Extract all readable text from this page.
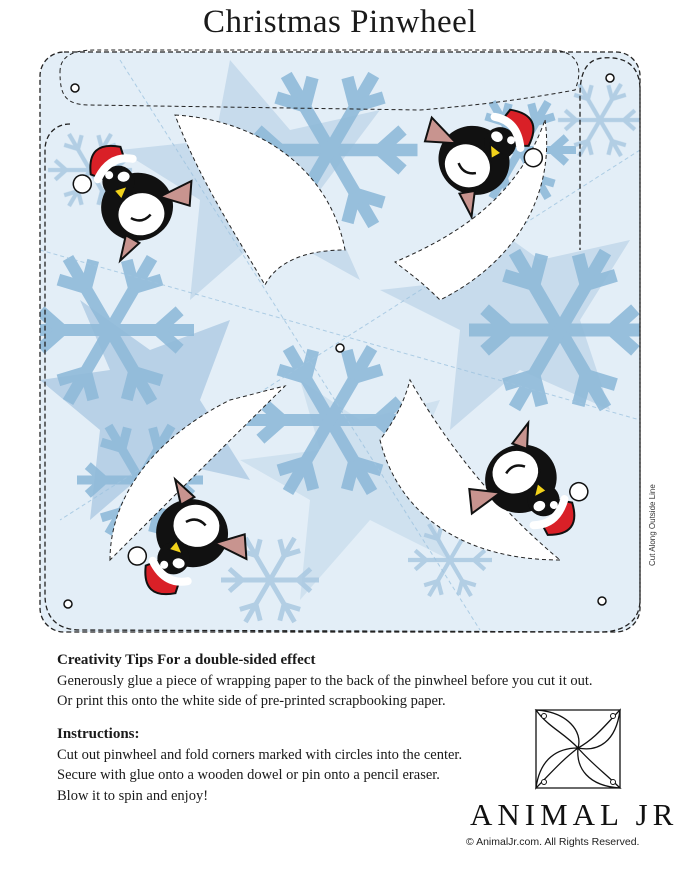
Christmas Pinwheel
Cut Along Outside Line
Creativity Tips For a double-sided effect

Generously glue a piece of wrapping paper to the back of the pinwheel before you cut it out.

Or print this onto the white side of pre-printed scrapbooking paper.

Instructions:

Cut out pinwheel and fold corners marked with circles into the center.

Secure with glue onto a wooden dowel or pin onto a pencil eraser.

Blow it to spin and enjoy!

ANIMAL JR
© AnimalJr.com. All Rights Reserved.
